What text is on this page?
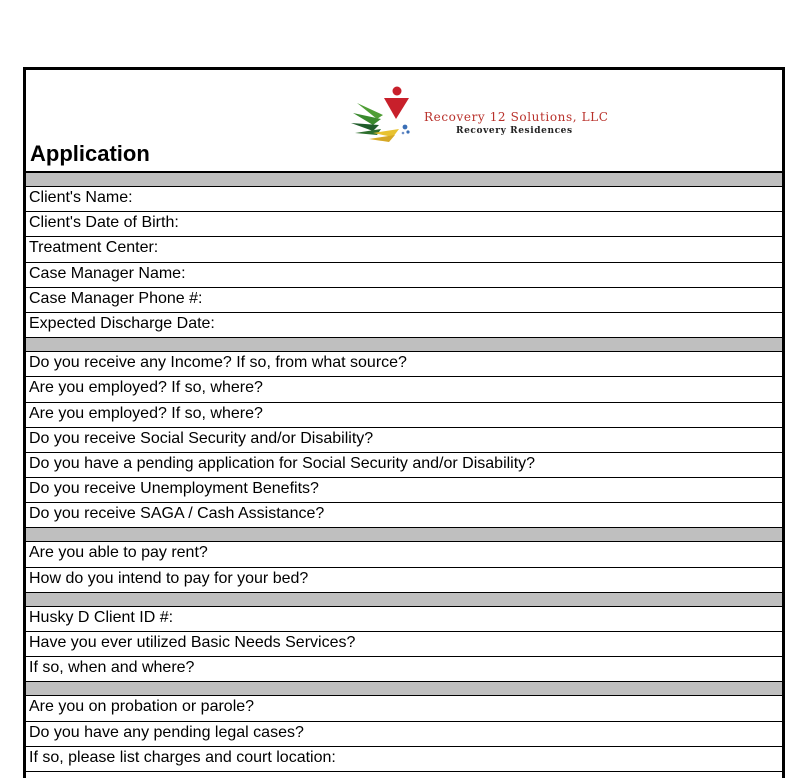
Recovery 12 Solutions, LLC
Recovery Residences
Application
Client's Name:
Client's Date of Birth:
Treatment Center:
Case Manager Name:
Case Manager Phone #:
Expected Discharge Date:
Do you receive any Income? If so, from what source?
Are you employed? If so, where?
Are you employed? If so, where?
Do you receive Social Security and/or Disability?
Do you have a pending application for Social Security and/or Disability?
Do you receive Unemployment Benefits?
Do you receive SAGA / Cash Assistance?
Are you able to pay rent?
How do you intend to pay for your bed?
Husky D Client ID #:
Have you ever utilized Basic Needs Services?
If so, when and where?
Are you on probation or parole?
Do you have any pending legal cases?
If so, please list charges and court location:
